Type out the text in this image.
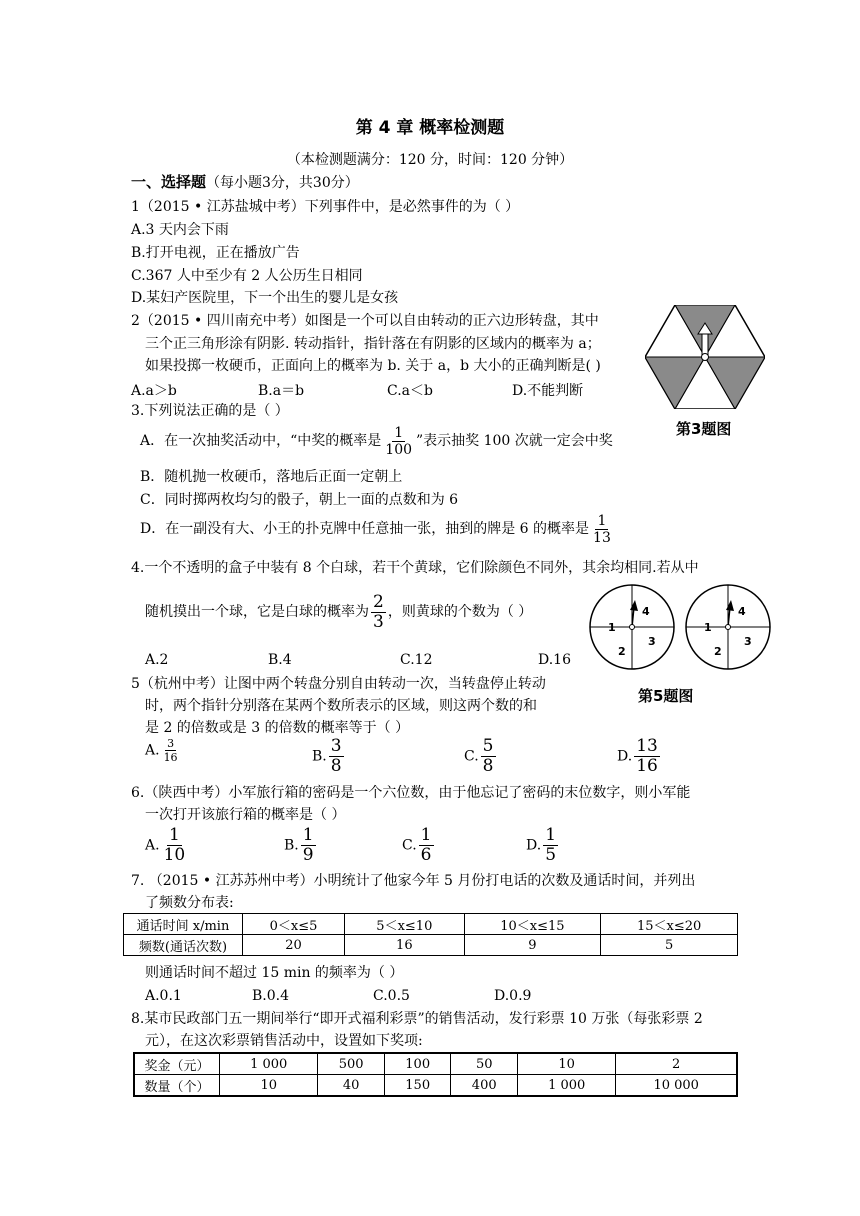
第 4 章 概率检测题
（本检测题满分：120 分，时间：120 分钟）
一、选择题（每小题3分，共30分）
1（2015 • 江苏盐城中考）下列事件中，是必然事件的为（ ）
A.3 天内会下雨
B.打开电视，正在播放广告
C.367 人中至少有 2 人公历生日相同
D.某妇产医院里，下一个出生的婴儿是女孩
2（2015 • 四川南充中考）如图是一个可以自由转动的正六边形转盘，其中
三个正三角形涂有阴影. 转动指针，指针落在有阴影的区域内的概率为 a；
如果投掷一枚硬币，正面向上的概率为 b. 关于 a，b 大小的正确判断是( )
A.a＞b	B.a＝b	C.a＜b	D.不能判断
第3题图
3.下列说法正确的是（ ）
A．在一次抽奖活动中，“中奖的概率是 $\frac{1}{100}$ ”表示抽奖 100 次就一定会中奖
B．随机抛一枚硬币，落地后正面一定朝上
C．同时掷两枚均匀的骰子，朝上一面的点数和为 6
D．在一副没有大、小王的扑克牌中任意抽一张，抽到的牌是 6 的概率是 $\frac{1}{13}$
4.一个不透明的盒子中装有 8 个白球，若干个黄球，它们除颜色不同外，其余均相同.若从中
随机摸出一个球，它是白球的概率为 $\frac{2}{3}$ ，则黄球的个数为（ ）
A.2	B.4	C.12	D.16
1
2
3
4
1
2
3
4
第5题图
5（杭州中考）让图中两个转盘分别自由转动一次，当转盘停止转动
时，两个指针分别落在某两个数所表示的区域，则这两个数的和
是 2 的倍数或是 3 的倍数的概率等于（ ）
A. $\frac{3}{16}$	B. $\frac{3}{8}$	C. $\frac{5}{8}$	D. $\frac{13}{16}$
6.（陕西中考）小军旅行箱的密码是一个六位数，由于他忘记了密码的末位数字，则小军能
一次打开该旅行箱的概率是（ ）
A. $\frac{1}{10}$	B. $\frac{1}{9}$	C. $\frac{1}{6}$	D. $\frac{1}{5}$
7. （2015 • 江苏苏州中考）小明统计了他家今年 5 月份打电话的次数及通话时间，并列出
了频数分布表:
通话时间 x/min	0＜x≤5	5＜x≤10	10＜x≤15	15＜x≤20
频数(通话次数)	20	16	9	5
则通话时间不超过 15 min 的频率为（ ）
A.0.1	B.0.4	C.0.5	D.0.9
8.某市民政部门五一期间举行“即开式福利彩票”的销售活动，发行彩票 10 万张（每张彩票 2
元），在这次彩票销售活动中，设置如下奖项:
奖金（元）	1 000	500	100	50	10	2
数量（个）	10	40	150	400	1 000	10 000
